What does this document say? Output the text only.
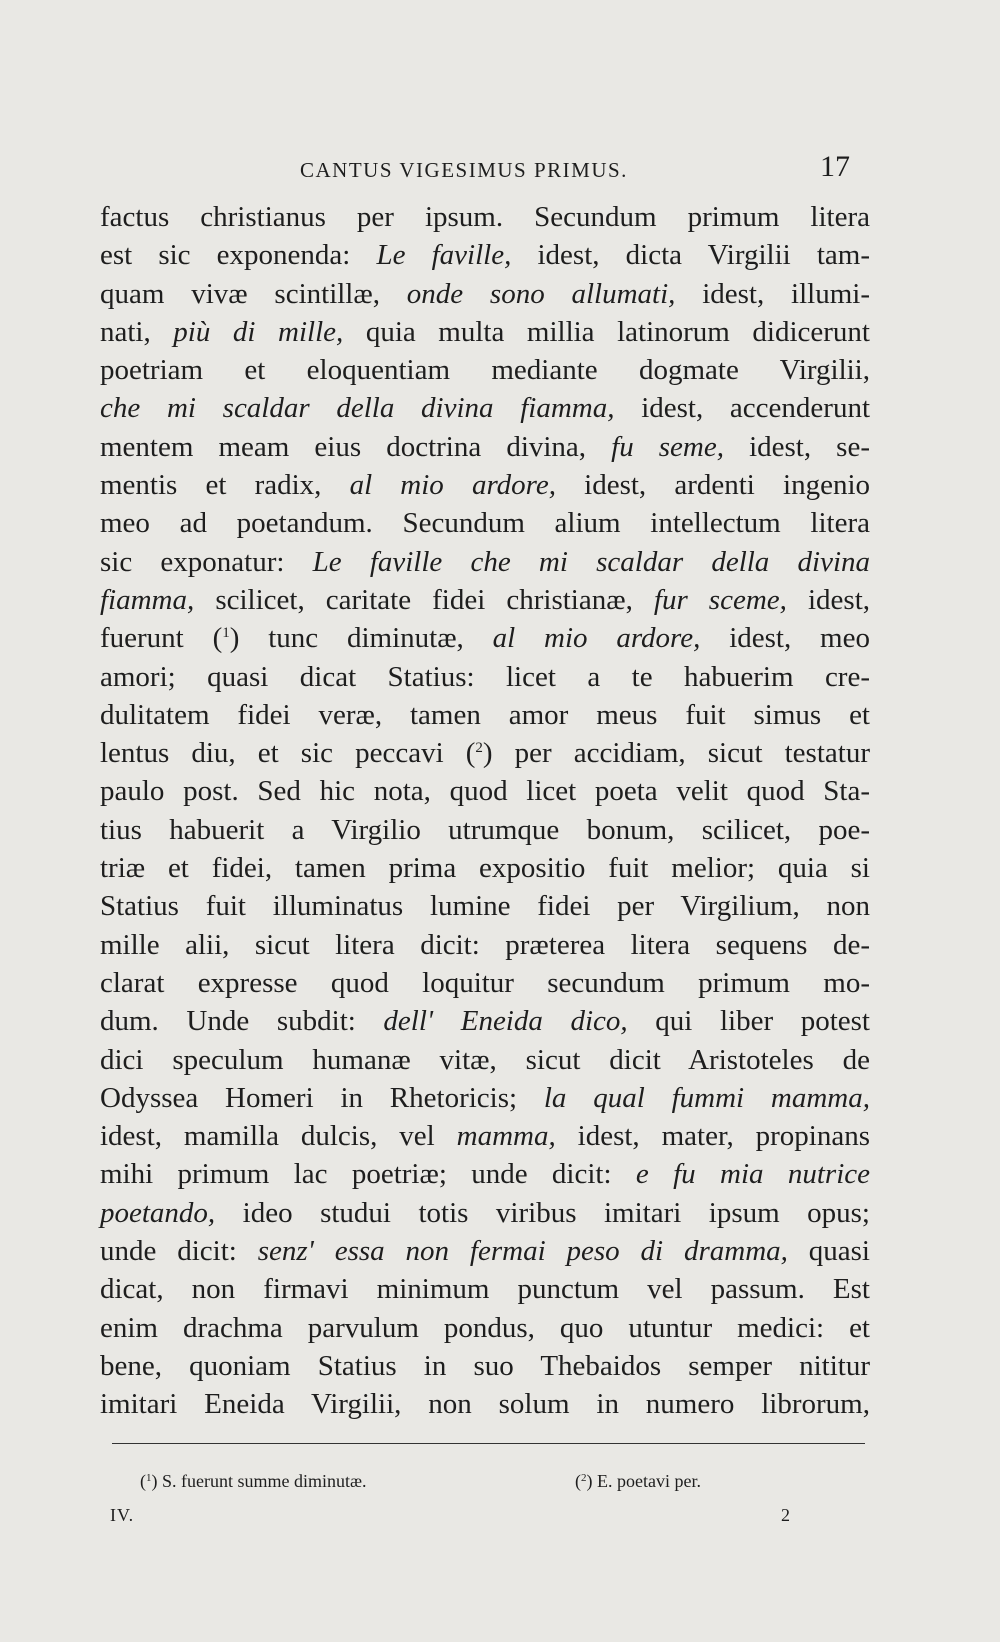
CANTUS VIGESIMUS PRIMUS.	17
factus christianus per ipsum. Secundum primum litera
est sic exponenda: Le faville, idest, dicta Virgilii tam-
quam vivæ scintillæ, onde sono allumati, idest, illumi-
nati, più di mille, quia multa millia latinorum didicerunt
poetriam et eloquentiam mediante dogmate Virgilii,
che mi scaldar della divina fiamma, idest, accenderunt
mentem meam eius doctrina divina, fu seme, idest, se-
mentis et radix, al mio ardore, idest, ardenti ingenio
meo ad poetandum. Secundum alium intellectum litera
sic exponatur: Le faville che mi scaldar della divina
fiamma, scilicet, caritate fidei christianæ, fur sceme, idest,
fuerunt ($^1$) tunc diminutæ, al mio ardore, idest, meo
amori; quasi dicat Statius: licet a te habuerim cre-
dulitatem fidei veræ, tamen amor meus fuit simus et
lentus diu, et sic peccavi ($^2$) per accidiam, sicut testatur
paulo post. Sed hic nota, quod licet poeta velit quod Sta-
tius habuerit a Virgilio utrumque bonum, scilicet, poe-
triæ et fidei, tamen prima expositio fuit melior; quia si
Statius fuit illuminatus lumine fidei per Virgilium, non
mille alii, sicut litera dicit: præterea litera sequens de-
clarat expresse quod loquitur secundum primum mo-
dum. Unde subdit: dell' Eneida dico, qui liber potest
dici speculum humanæ vitæ, sicut dicit Aristoteles de
Odyssea Homeri in Rhetoricis; la qual fummi mamma,
idest, mamilla dulcis, vel mamma, idest, mater, propinans
mihi primum lac poetriæ; unde dicit: e fu mia nutrice
poetando, ideo studui totis viribus imitari ipsum opus;
unde dicit: senz' essa non fermai peso di dramma, quasi
dicat, non firmavi minimum punctum vel passum. Est
enim drachma parvulum pondus, quo utuntur medici: et
bene, quoniam Statius in suo Thebaidos semper nititur
imitari Eneida Virgilii, non solum in numero librorum,
($^1$) S. fuerunt summe diminutæ.	($^2$) E. poetavi per.
IV.	2
